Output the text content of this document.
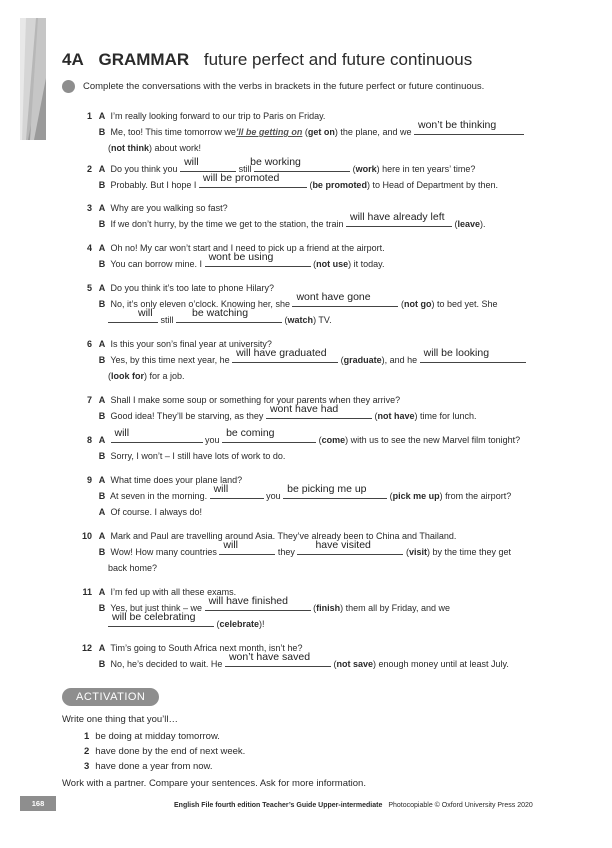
4A GRAMMAR future perfect and future continuous
Complete the conversations with the verbs in brackets in the future perfect or future continuous.
1 A I’m really looking forward to our trip to Paris on Friday.
B Me, too! This time tomorrow we’ll be getting on (get on) the plane, and we
won’t be thinking
(not think) about work!
2 A Do you think you
will
still
be working
(work) here in ten years’ time?
B Probably. But I hope I
will be promoted
(be promoted) to Head of Department by then.
3 A Why are you walking so fast?
B If we don’t hurry, by the time we get to the station, the train
will have already left
(leave).
4 A Oh no! My car won’t start and I need to pick up a friend at the airport.
B You can borrow mine. I
wont be using
(not use) it today.
5 A Do you think it’s too late to phone Hilary?
B No, it’s only eleven o’clock. Knowing her, she
wont have gone
(not go) to bed yet. She
will
still
be watching
(watch) TV.
6 A Is this your son’s final year at university?
B Yes, by this time next year, he
will have graduated
(graduate), and he
will be looking
(look for) for a job.
7 A Shall I make some soup or something for your parents when they arrive?
B Good idea! They’ll be starving, as they
wont have had
(not have) time for lunch.
8 A
will
you
be coming
(come) with us to see the new Marvel film tonight?
B Sorry, I won’t – I still have lots of work to do.
9 A What time does your plane land?
B At seven in the morning.
will
you
be picking me up
(pick me up) from the airport?
A Of course. I always do!
10 A Mark and Paul are travelling around Asia. They’ve already been to China and Thailand.
B Wow! How many countries
will
they
have visited
(visit) by the time they get
back home?
11 A I’m fed up with all these exams.
B Yes, but just think – we
will have finished
(finish) them all by Friday, and we
will be celebrating
(celebrate)!
12 A Tim’s going to South Africa next month, isn’t he?
B No, he’s decided to wait. He
won’t have saved
(not save) enough money until at least July.
ACTIVATION
Write one thing that you’ll…
1 be doing at midday tomorrow.
2 have done by the end of next week.
3 have done a year from now.
Work with a partner. Compare your sentences. Ask for more information.
168	English File fourth edition Teacher’s Guide Upper-intermediate Photocopiable © Oxford University Press 2020
